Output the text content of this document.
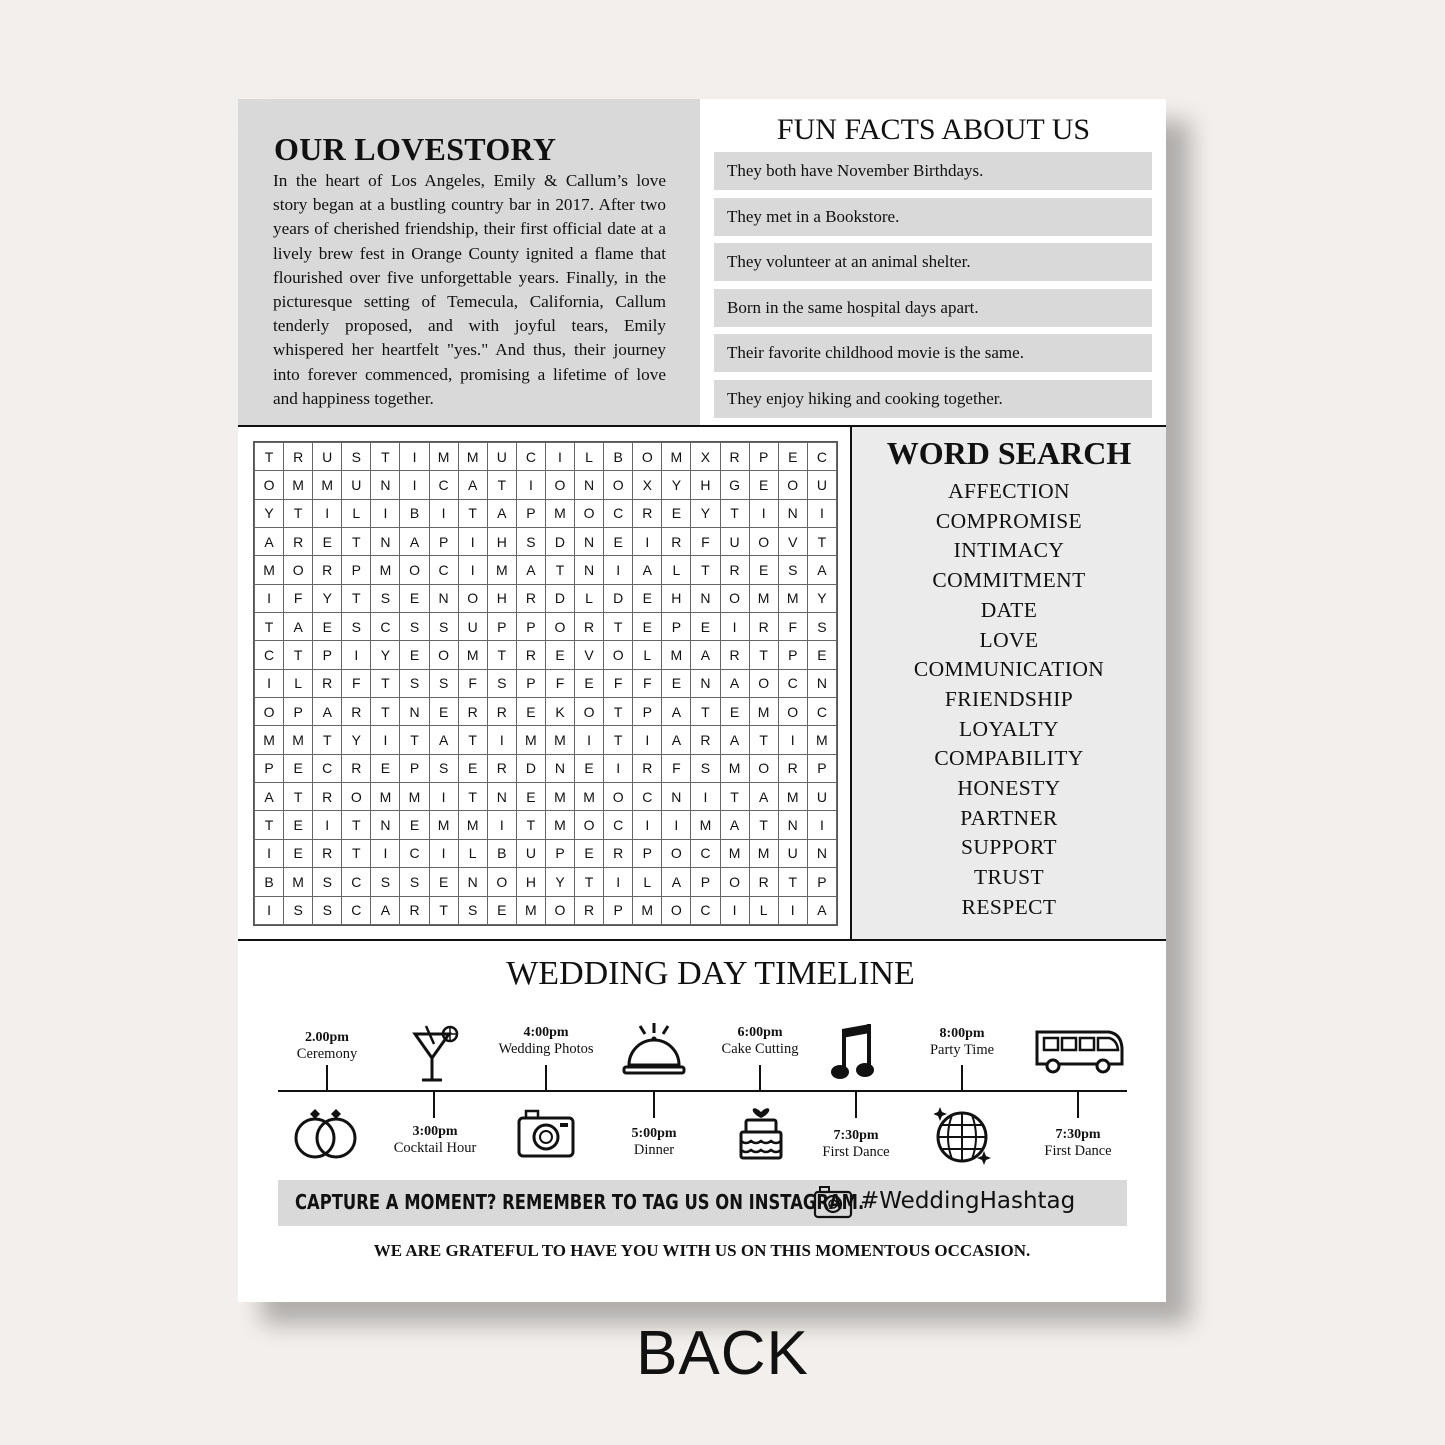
OUR LOVESTORY

In the heart of Los Angeles, Emily & Callum’s love story began at a bustling country bar in 2017. After two years of cherished friendship, their first official date at a lively brew fest in Orange County ignited a flame that flourished over five unforgettable years. Finally, in the picturesque setting of Temecula, California, Callum tenderly proposed, and with joyful tears, Emily whispered her heartfelt "yes." And thus, their journey into forever commenced, promising a lifetime of love and happiness together.

FUN FACTS ABOUT US
They both have November Birthdays.
They met in a Bookstore.
They volunteer at an animal shelter.
Born in the same hospital days apart.
Their favorite childhood movie is the same.
They enjoy hiking and cooking together.
T	R	U	S	T	I	M	M	U	C	I	L	B	O	M	X	R	P	E	C
O	M	M	U	N	I	C	A	T	I	O	N	O	X	Y	H	G	E	O	U
Y	T	I	L	I	B	I	T	A	P	M	O	C	R	E	Y	T	I	N	I
A	R	E	T	N	A	P	I	H	S	D	N	E	I	R	F	U	O	V	T
M	O	R	P	M	O	C	I	M	A	T	N	I	A	L	T	R	E	S	A
I	F	Y	T	S	E	N	O	H	R	D	L	D	E	H	N	O	M	M	Y
T	A	E	S	C	S	S	U	P	P	O	R	T	E	P	E	I	R	F	S
C	T	P	I	Y	E	O	M	T	R	E	V	O	L	M	A	R	T	P	E
I	L	R	F	T	S	S	F	S	P	F	E	F	F	E	N	A	O	C	N
O	P	A	R	T	N	E	R	R	E	K	O	T	P	A	T	E	M	O	C
M	M	T	Y	I	T	A	T	I	M	M	I	T	I	A	R	A	T	I	M
P	E	C	R	E	P	S	E	R	D	N	E	I	R	F	S	M	O	R	P
A	T	R	O	M	M	I	T	N	E	M	M	O	C	N	I	T	A	M	U
T	E	I	T	N	E	M	M	I	T	M	O	C	I	I	M	A	T	N	I
I	E	R	T	I	C	I	L	B	U	P	E	R	P	O	C	M	M	U	N
B	M	S	C	S	S	E	N	O	H	Y	T	I	L	A	P	O	R	T	P
I	S	S	C	A	R	T	S	E	M	O	R	P	M	O	C	I	L	I	A
WORD SEARCH
AFFECTION
COMPROMISE
INTIMACY
COMMITMENT
DATE
LOVE
COMMUNICATION
FRIENDSHIP
LOYALTY
COMPABILITY
HONESTY
PARTNER
SUPPORT
TRUST
RESPECT
WEDDING DAY TIMELINE
2.00pm
Ceremony
4:00pm
Wedding Photos
6:00pm
Cake Cutting
8:00pm
Party Time
3:00pm
Cocktail Hour
5:00pm
Dinner
7:30pm
First Dance
7:30pm
First Dance
CAPTURE A MOMENT? REMEMBER TO TAG US ON INSTAGRAM.
#WeddingHashtag

WE ARE GRATEFUL TO HAVE YOU WITH US ON THIS MOMENTOUS OCCASION.

BACK
